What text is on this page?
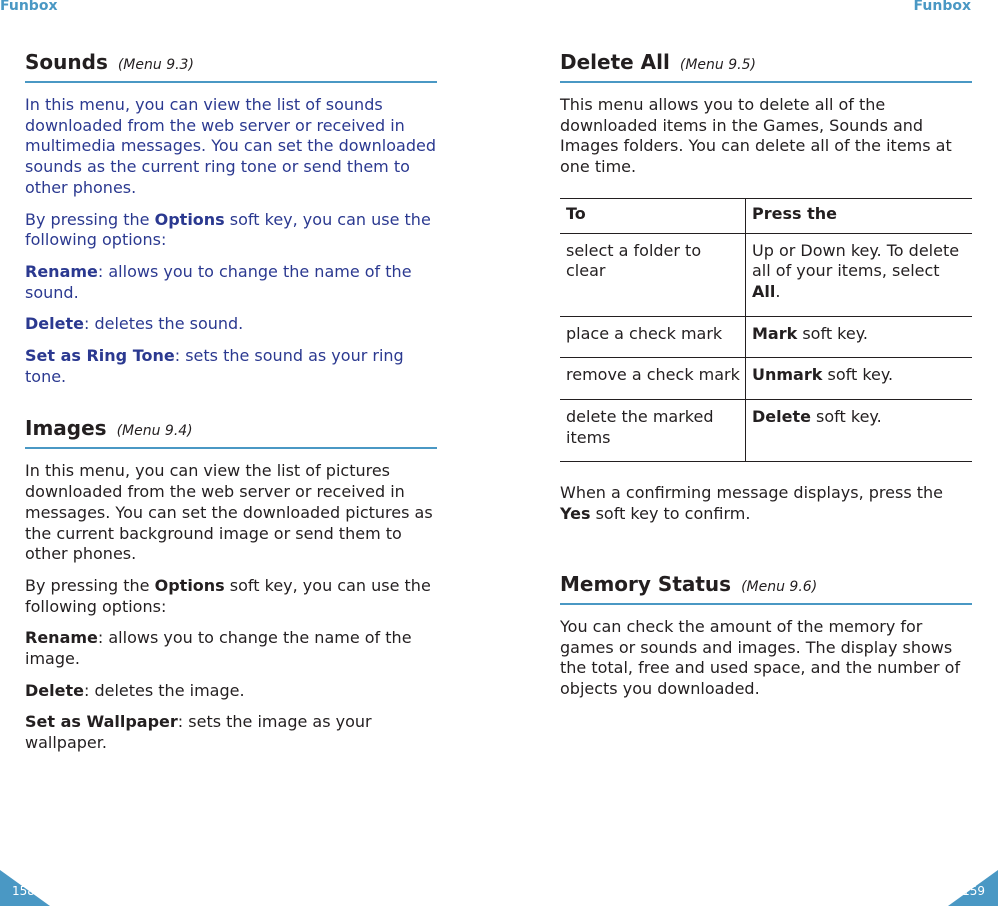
Funbox	Funbox
Sounds (Menu 9.3)

In this menu, you can view the list of sounds downloaded from the web server or received in multimedia messages. You can set the downloaded sounds as the current ring tone or send them to other phones.

By pressing the Options soft key, you can use the following options:

Rename: allows you to change the name of the sound.

Delete: deletes the sound.

Set as Ring Tone: sets the sound as your ring tone.

Images (Menu 9.4)

In this menu, you can view the list of pictures downloaded from the web server or received in messages. You can set the downloaded pictures as the current background image or send them to other phones.

By pressing the Options soft key, you can use the following options:

Rename: allows you to change the name of the image.

Delete: deletes the image.

Set as Wallpaper: sets the image as your wallpaper.

Delete All (Menu 9.5)

This menu allows you to delete all of the downloaded items in the Games, Sounds and Images folders. You can delete all of the items at one time.

To	Press the
select a folder to clear	Up or Down key. To delete all of your items, select All.
place a check mark	Mark soft key.
remove a check mark	Unmark soft key.
delete the marked items	Delete soft key.

When a confirming message displays, press the Yes soft key to confirm.

Memory Status (Menu 9.6)

You can check the amount of the memory for games or sounds and images. The display shows the total, free and used space, and the number of objects you downloaded.

158	159
